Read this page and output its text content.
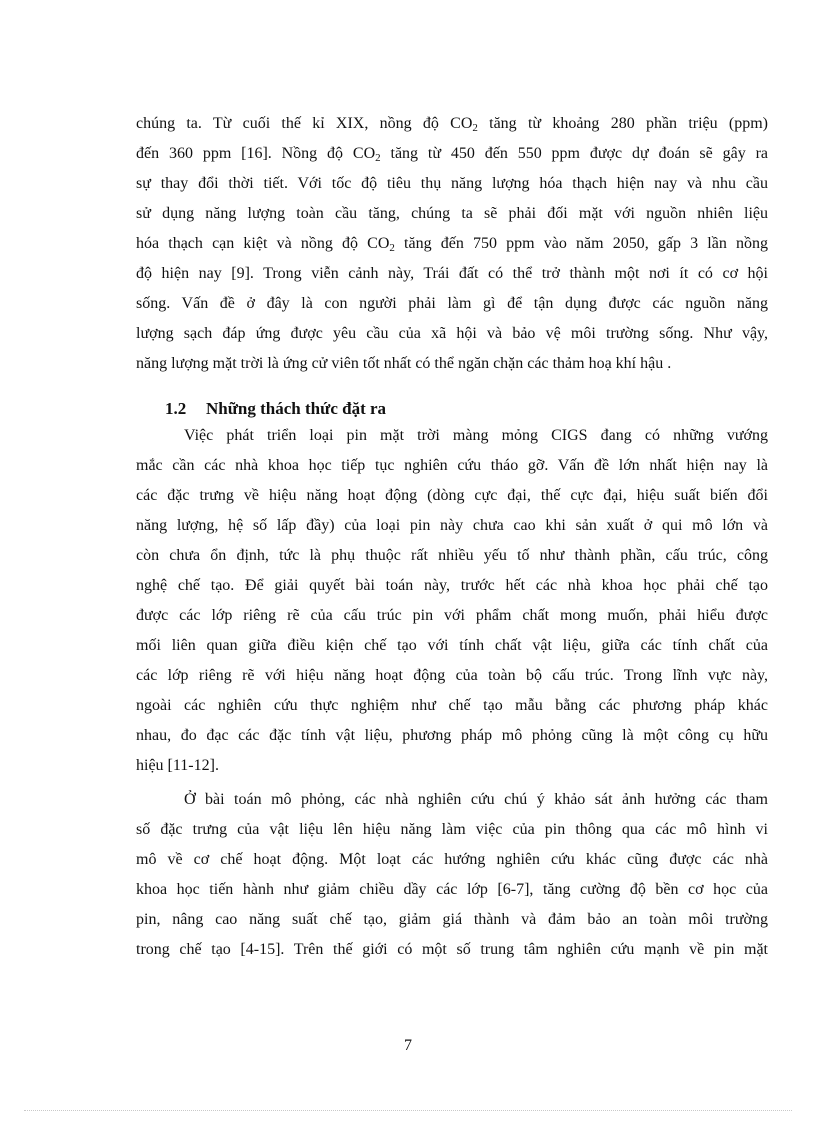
chúng ta. Từ cuối thế kỉ XIX, nồng độ $CO_2$ tăng từ khoảng 280 phần triệu (ppm)
đến 360 ppm [16]. Nồng độ $CO_2$ tăng từ 450 đến 550 ppm được dự đoán sẽ gây ra
sự thay đổi thời tiết. Với tốc độ tiêu thụ năng lượng hóa thạch hiện nay và nhu cầu
sử dụng năng lượng toàn cầu tăng, chúng ta sẽ phải đối mặt với nguồn nhiên liệu
hóa thạch cạn kiệt và nồng độ $CO_2$ tăng đến 750 ppm vào năm 2050, gấp 3 lần nồng
độ hiện nay [9]. Trong viễn cảnh này, Trái đất có thể trở thành một nơi ít có cơ hội
sống. Vấn đề ở đây là con người phải làm gì để tận dụng được các nguồn năng
lượng sạch đáp ứng được yêu cầu của xã hội và bảo vệ môi trường sống. Như vậy,
năng lượng mặt trời là ứng cử viên tốt nhất có thể ngăn chặn các thảm hoạ khí hậu .
1.2 Những thách thức đặt ra
Việc phát triển loại pin mặt trời màng mỏng CIGS đang có những vướng
mắc cần các nhà khoa học tiếp tục nghiên cứu tháo gỡ. Vấn đề lớn nhất hiện nay là
các đặc trưng về hiệu năng hoạt động (dòng cực đại, thế cực đại, hiệu suất biến đổi
năng lượng, hệ số lấp đầy) của loại pin này chưa cao khi sản xuất ở qui mô lớn và
còn chưa ổn định, tức là phụ thuộc rất nhiều yếu tố như thành phần, cấu trúc, công
nghệ chế tạo. Để giải quyết bài toán này, trước hết các nhà khoa học phải chế tạo
được các lớp riêng rẽ của cấu trúc pin với phẩm chất mong muốn, phải hiểu được
mối liên quan giữa điều kiện chế tạo với tính chất vật liệu, giữa các tính chất của
các lớp riêng rẽ với hiệu năng hoạt động của toàn bộ cấu trúc. Trong lĩnh vực này,
ngoài các nghiên cứu thực nghiệm như chế tạo mẫu bằng các phương pháp khác
nhau, đo đạc các đặc tính vật liệu, phương pháp mô phỏng cũng là một công cụ hữu
hiệu [11-12].
Ở bài toán mô phỏng, các nhà nghiên cứu chú ý khảo sát ảnh hưởng các tham
số đặc trưng của vật liệu lên hiệu năng làm việc của pin thông qua các mô hình vi
mô về cơ chế hoạt động. Một loạt các hướng nghiên cứu khác cũng được các nhà
khoa học tiến hành như giảm chiều dầy các lớp [6-7], tăng cường độ bền cơ học của
pin, nâng cao năng suất chế tạo, giảm giá thành và đảm bảo an toàn môi trường
trong chế tạo [4-15]. Trên thế giới có một số trung tâm nghiên cứu mạnh về pin mặt
7
